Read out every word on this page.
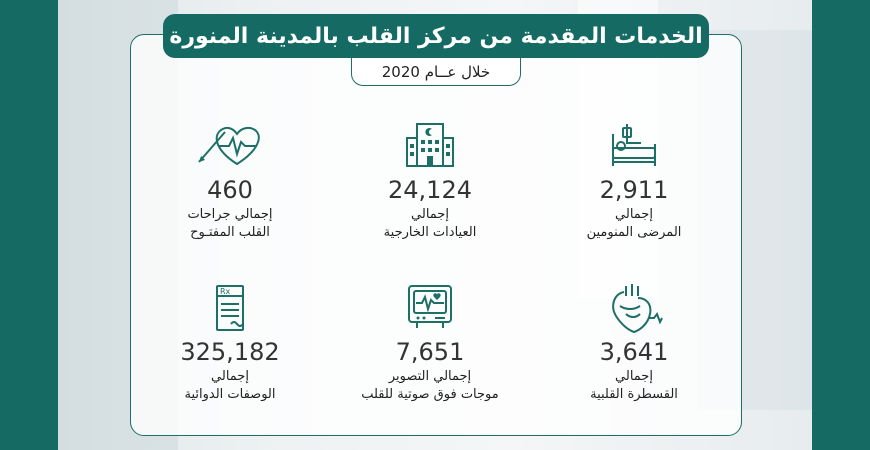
الخدمات المقدمة من مركز القلب بالمدينة المنورة
خلال عــام 2020
2,911
إجمالي
المرضى المنومين
24,124
إجمالي
العيادات الخارجية
460
إجمالي جراحات
القلب المفتـوح
3,641
إجمالي
القسطرة القلبية
7,651
إجمالي التصوير
موجات فوق صوتية للقلب
Rx
325,182
إجمالي
الوصفات الدوائية
